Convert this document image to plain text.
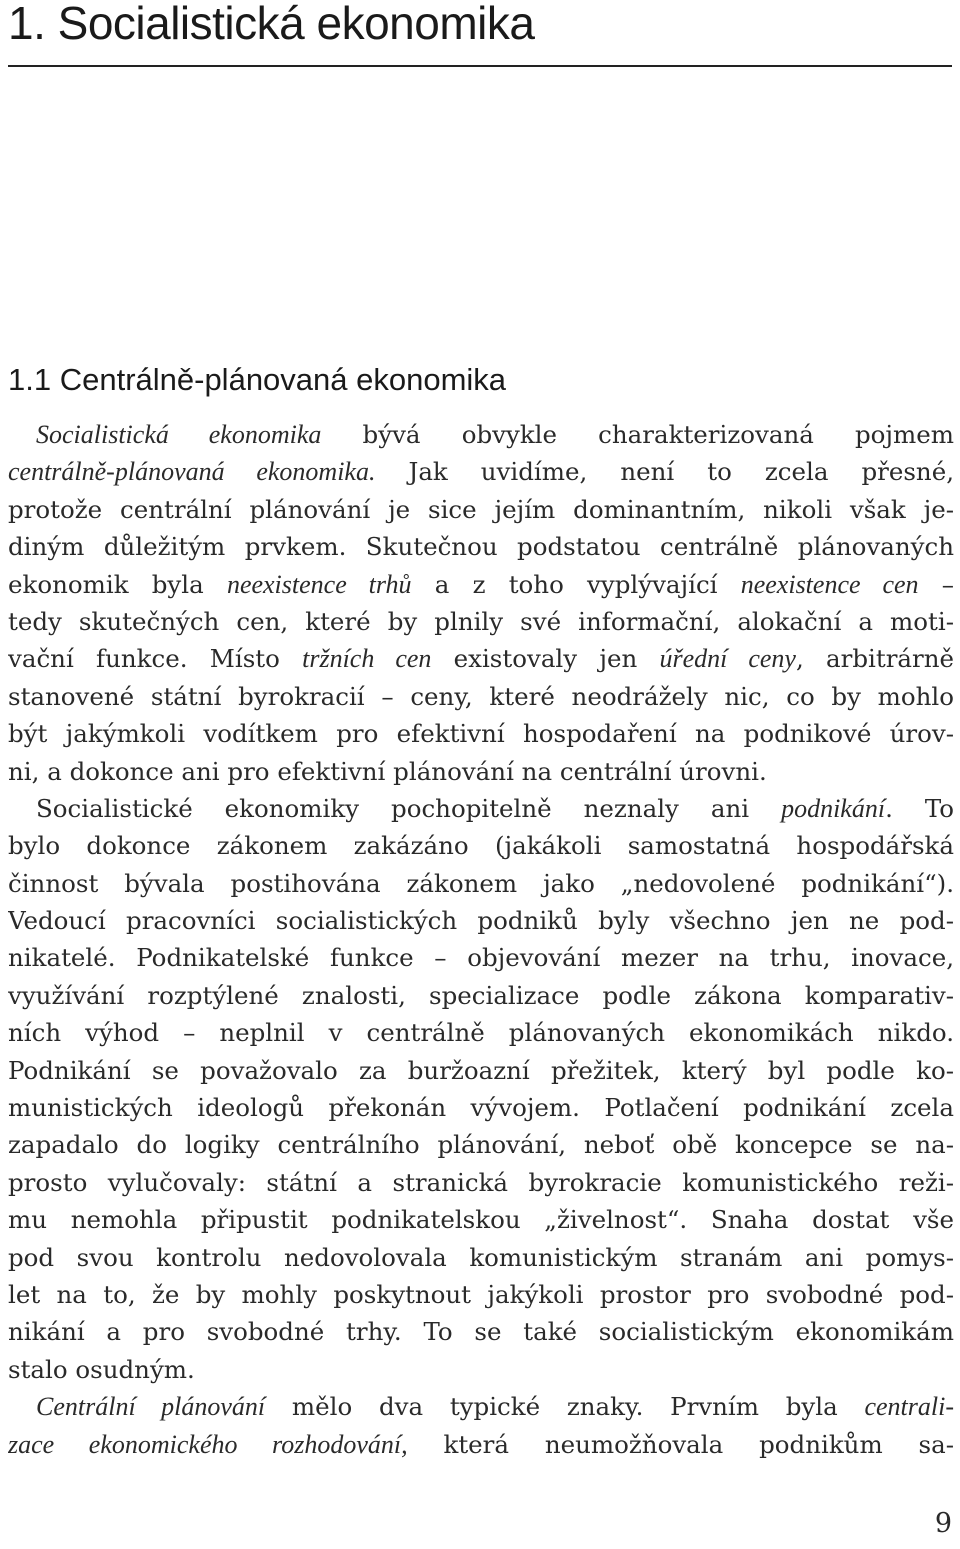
1. Socialistická ekonomika
1.1 Centrálně-plánovaná ekonomika
Socialistická ekonomika bývá obvykle charakterizovaná pojmem
centrálně-plánovaná ekonomika. Jak uvidíme, není to zcela přesné,
protože centrální plánování je sice jejím dominantním, nikoli však je-
diným důležitým prvkem. Skutečnou podstatou centrálně plánovaných
ekonomik byla neexistence trhů a z toho vyplývající neexistence cen –
tedy skutečných cen, které by plnily své informační, alokační a moti-
vační funkce. Místo tržních cen existovaly jen úřední ceny, arbitrárně
stanovené státní byrokracií – ceny, které neodrážely nic, co by mohlo
být jakýmkoli vodítkem pro efektivní hospodaření na podnikové úrov-
ni, a dokonce ani pro efektivní plánování na centrální úrovni.
Socialistické ekonomiky pochopitelně neznaly ani podnikání. To
bylo dokonce zákonem zakázáno (jakákoli samostatná hospodářská
činnost bývala postihována zákonem jako „nedovolené podnikání“).
Vedoucí pracovníci socialistických podniků byly všechno jen ne pod-
nikatelé. Podnikatelské funkce – objevování mezer na trhu, inovace,
využívání rozptýlené znalosti, specializace podle zákona komparativ-
ních výhod – neplnil v centrálně plánovaných ekonomikách nikdo.
Podnikání se považovalo za buržoazní přežitek, který byl podle ko-
munistických ideologů překonán vývojem. Potlačení podnikání zcela
zapadalo do logiky centrálního plánování, neboť obě koncepce se na-
prosto vylučovaly: státní a stranická byrokracie komunistického reži-
mu nemohla připustit podnikatelskou „živelnost“. Snaha dostat vše
pod svou kontrolu nedovolovala komunistickým stranám ani pomys-
let na to, že by mohly poskytnout jakýkoli prostor pro svobodné pod-
nikání a pro svobodné trhy. To se také socialistickým ekonomikám
stalo osudným.
Centrální plánování mělo dva typické znaky. Prvním byla centrali-
zace ekonomického rozhodování, která neumožňovala podnikům sa-
9
